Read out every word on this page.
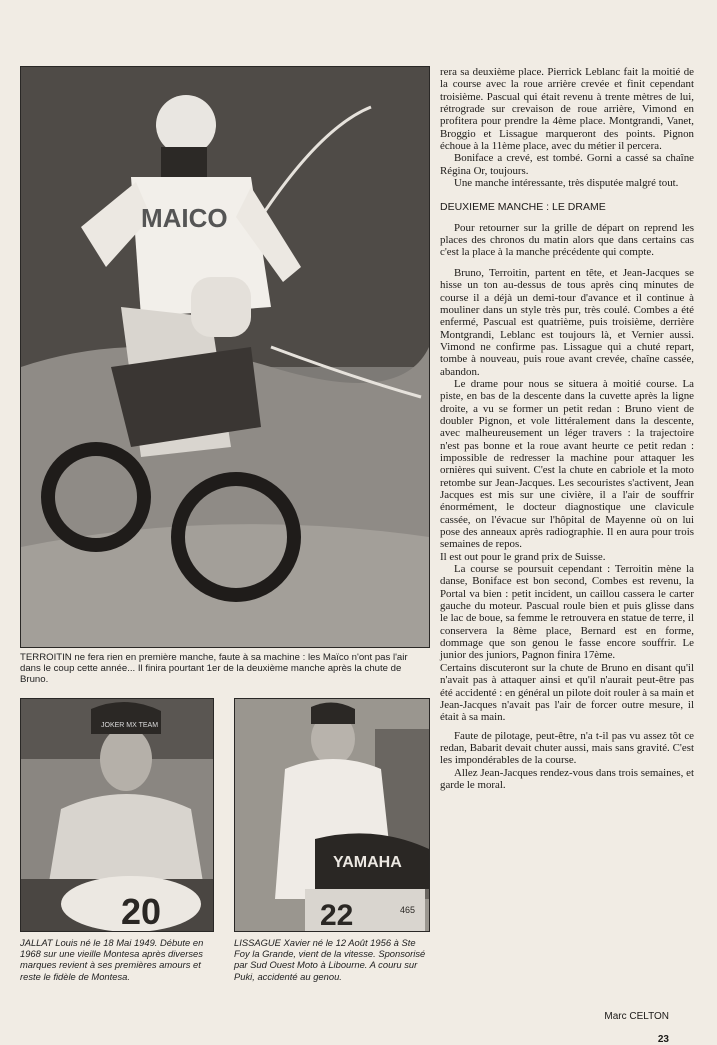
MAICO
TERROITIN ne fera rien en première manche, faute à sa machine : les Maïco n'ont pas l'air dans le coup cette année... Il finira pourtant 1er de la deuxième manche après la chute de Bruno.
JOKER MX TEAM
20
JALLAT Louis né le 18 Mai 1949. Débute en 1968 sur une vieille Montesa après diverses marques revient à ses premières amours et reste le fidèle de Montesa.
YAMAHA
22	465
LISSAGUE Xavier né le 12 Août 1956 à Ste Foy la Grande, vient de la vitesse. Sponsorisé par Sud Ouest Moto à Libourne. A couru sur Puki, accidenté au genou.

rera sa deuxième place. Pierrick Leblanc fait la moitié de la course avec la roue arrière crevée et finit cependant troisième. Pascual qui était revenu à trente mètres de lui, rétrograde sur crevaison de roue arrière, Vimond en profitera pour prendre la 4ème place. Montgrandi, Vanet, Broggio et Lissague marqueront des points. Pignon échoue à la 11ème place, avec du métier il percera.

Boniface a crevé, est tombé. Gorni a cassé sa chaîne Régina Or, toujours.

Une manche intéressante, très disputée malgré tout.

DEUXIEME MANCHE : LE DRAME

Pour retourner sur la grille de départ on reprend les places des chronos du matin alors que dans certains cas c'est la place à la manche précédente qui compte.

Bruno, Terroitin, partent en tête, et Jean-Jacques se hisse un ton au-dessus de tous après cinq minutes de course il a déjà un demi-tour d'avance et il continue à mouliner dans un style très pur, très coulé. Combes a été enfermé, Pascual est quatrième, puis troisième, derrière Montgrandi, Leblanc est toujours là, et Vernier aussi. Vimond ne confirme pas. Lissague qui a chuté repart, tombe à nouveau, puis roue avant crevée, chaîne cassée, abandon.

Le drame pour nous se situera à moitié course. La piste, en bas de la descente dans la cuvette après la ligne droite, a vu se former un petit redan : Bruno vient de doubler Pignon, et vole littéralement dans la descente, avec malheureusement un léger travers : la trajectoire n'est pas bonne et la roue avant heurte ce petit redan : impossible de redresser la machine pour attaquer les ornières qui suivent. C'est la chute en cabriole et la moto retombe sur Jean-Jacques. Les secouristes s'activent, Jean Jacques est mis sur une civière, il a l'air de souffrir énormément, le docteur diagnostique une clavicule cassée, on l'évacue sur l'hôpital de Mayenne où on lui pose des anneaux après radiographie. Il en aura pour trois semaines de repos.

Il est out pour le grand prix de Suisse.

La course se poursuit cependant : Terroitin mène la danse, Boniface est bon second, Combes est revenu, la Portal va bien : petit incident, un caillou cassera le carter gauche du moteur. Pascual roule bien et puis glisse dans le lac de boue, sa femme le retrouvera en statue de terre, il conservera la 8ème place, Bernard est en forme, dommage que son genou le fasse encore souffrir. Le junior des juniors, Pagnon finira 17ème.

Certains discuteront sur la chute de Bruno en disant qu'il n'avait pas à attaquer ainsi et qu'il n'aurait peut-être pas été accidenté : en général un pilote doit rouler à sa main et Jean-Jacques n'avait pas l'air de forcer outre mesure, il était à sa main.

Faute de pilotage, peut-être, n'a t-il pas vu assez tôt ce redan, Babarit devait chuter aussi, mais sans gravité. C'est les impondérables de la course.

Allez Jean-Jacques rendez-vous dans trois semaines, et garde le moral.

Marc CELTON
23
